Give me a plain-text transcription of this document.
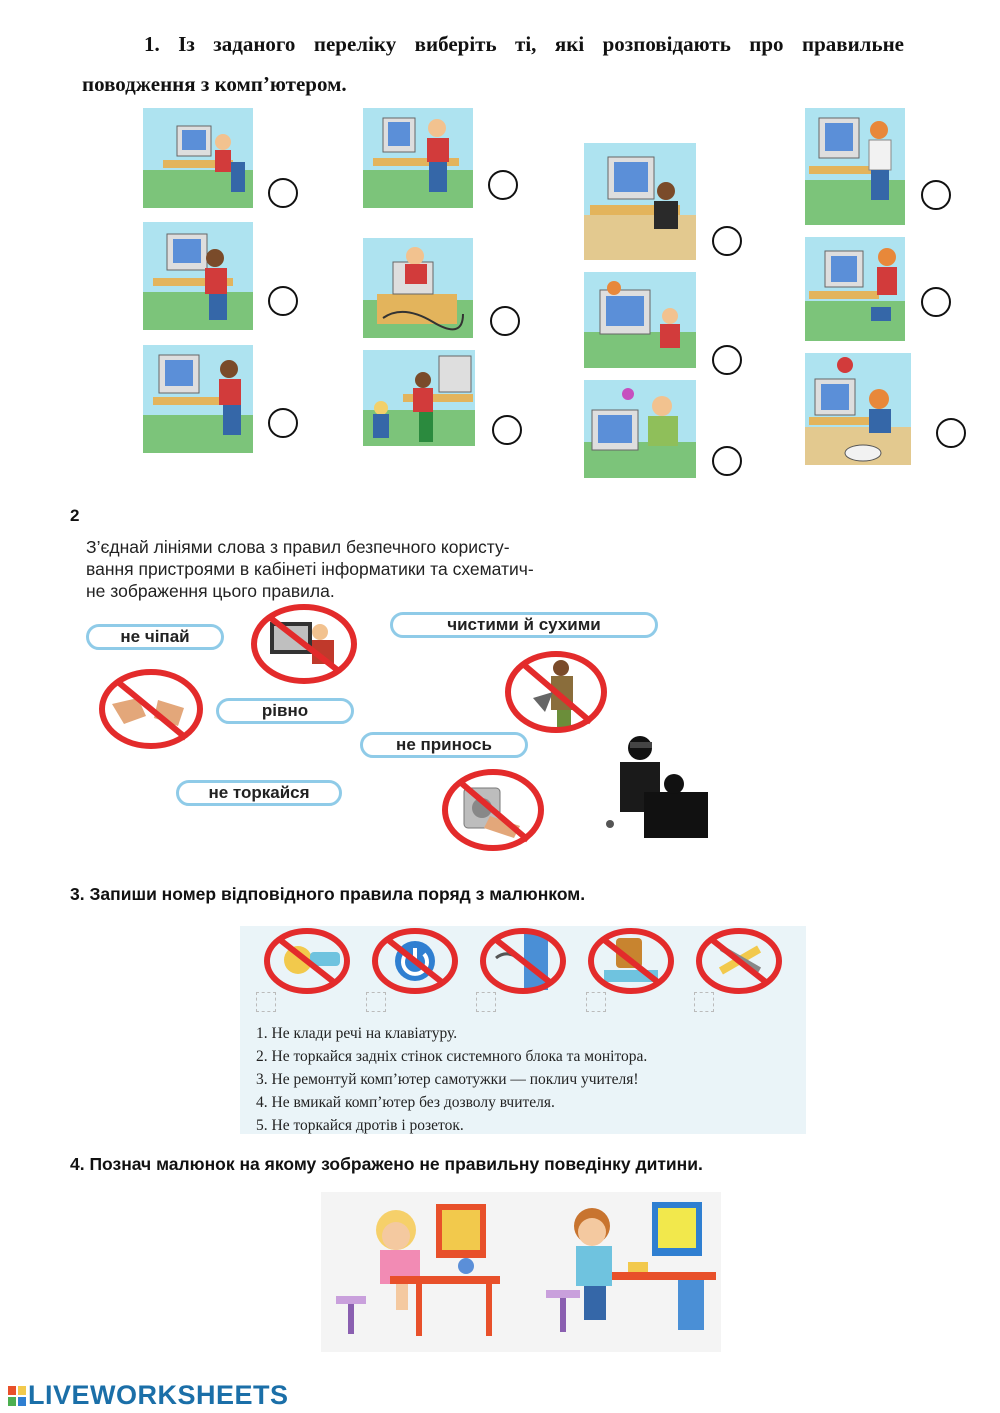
1. Із заданого переліку виберіть ті, які розповідають про правильне
поводження з комп’ютером.
2
З’єднай лініями слова з правил безпечного користу-
вання пристроями в кабінеті інформатики та схематич-
не зображення цього правила.
не чіпай
чистими й сухими
рівно
не принось
не торкайся
3. Запиши номер відповідного правила поряд з малюнком.
1. Не клади речі на клавіатуру.
2. Не торкайся задніх стінок системного блока та монітора.
3. Не ремонтуй комп’ютер самотужки — поклич учителя!
4. Не вмикай комп’ютер без дозволу вчителя.
5. Не торкайся дротів і розеток.
4. Познач малюнок на якому зображено не правильну поведінку дитини.
LIVEWORKSHEETS
